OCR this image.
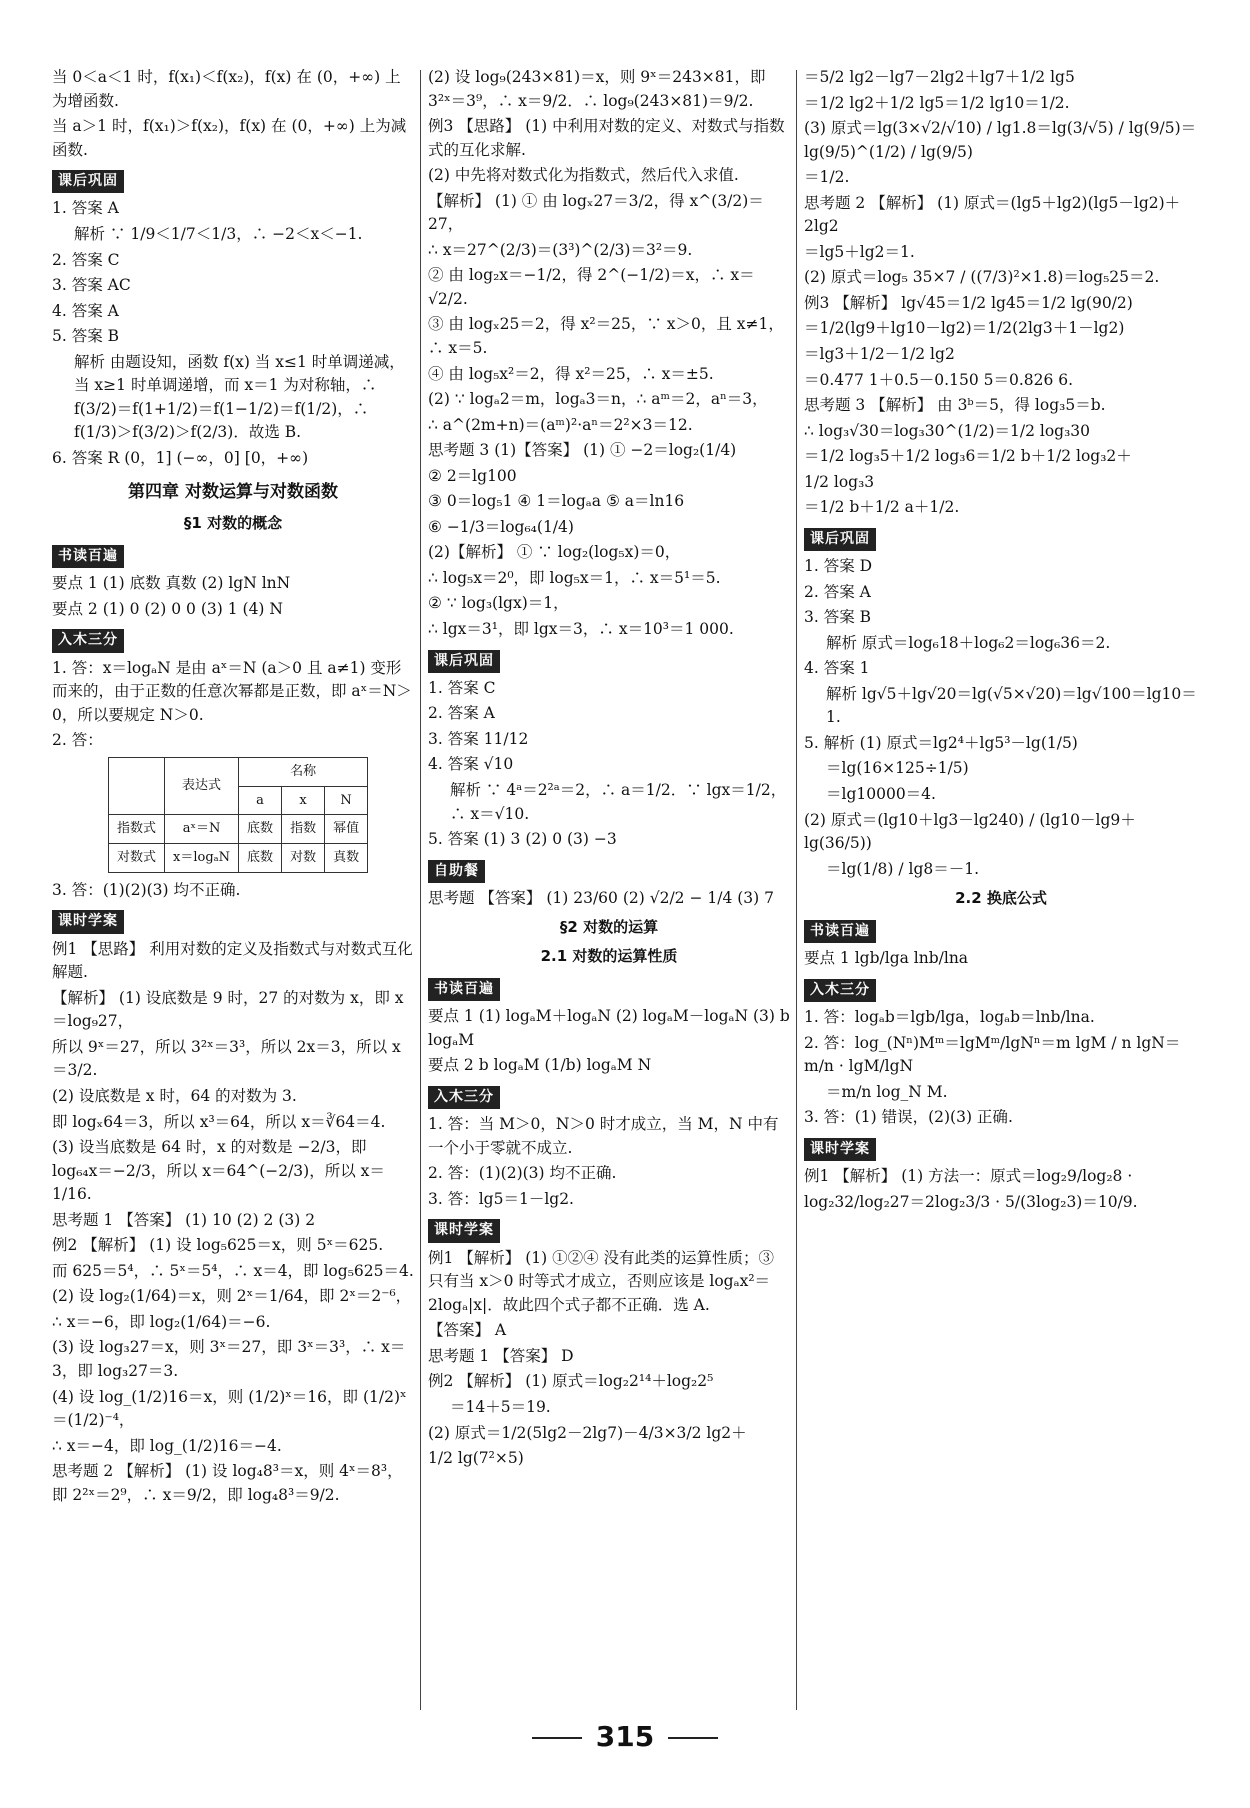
当 0＜a＜1 时，f(x₁)＜f(x₂)，f(x) 在 (0，+∞) 上为增函数.

当 a＞1 时，f(x₁)＞f(x₂)，f(x) 在 (0，+∞) 上为减函数.

课后巩固

1. 答案 A

解析 ∵ 1/9＜1/7＜1/3，∴ −2＜x＜−1.

2. 答案 C

3. 答案 AC

4. 答案 A

5. 答案 B

解析 由题设知，函数 f(x) 当 x≤1 时单调递减，当 x≥1 时单调递增，而 x＝1 为对称轴，∴ f(3/2)＝f(1+1/2)＝f(1−1/2)＝f(1/2)，∴ f(1/3)＞f(3/2)＞f(2/3)．故选 B.

6. 答案 R (0，1] (−∞，0] [0，+∞)

第四章 对数运算与对数函数
§1 对数的概念
书读百遍

要点 1 (1) 底数 真数 (2) lgN lnN

要点 2 (1) 0 (2) 0 0 (3) 1 (4) N

入木三分

1. 答：x＝logₐN 是由 aˣ＝N (a＞0 且 a≠1) 变形而来的，由于正数的任意次幂都是正数，即 aˣ＝N＞0，所以要规定 N＞0.

2. 答：

	表达式	名称		
		a	x	N
指数式	aˣ＝N	底数	指数	幂值
对数式	x＝logₐN	底数	对数	真数

3. 答：(1)(2)(3) 均不正确.

课时学案

例1 【思路】 利用对数的定义及指数式与对数式互化解题.

【解析】 (1) 设底数是 9 时，27 的对数为 x，即 x＝log₉27，

所以 9ˣ＝27，所以 3²ˣ＝3³，所以 2x＝3，所以 x＝3/2.

(2) 设底数是 x 时，64 的对数为 3.

即 logₓ64＝3，所以 x³＝64，所以 x＝∛64＝4.

(3) 设当底数是 64 时，x 的对数是 −2/3，即 log₆₄x＝−2/3，所以 x＝64^(−2/3)，所以 x＝1/16.

思考题 1 【答案】 (1) 10 (2) 2 (3) 2

例2 【解析】 (1) 设 log₅625＝x，则 5ˣ＝625.

而 625＝5⁴，∴ 5ˣ＝5⁴，∴ x＝4，即 log₅625＝4.

(2) 设 log₂(1/64)＝x，则 2ˣ＝1/64，即 2ˣ＝2⁻⁶，

∴ x＝−6，即 log₂(1/64)＝−6.

(3) 设 log₃27＝x，则 3ˣ＝27，即 3ˣ＝3³，∴ x＝3，即 log₃27＝3.

(4) 设 log_(1/2)16＝x，则 (1/2)ˣ＝16，即 (1/2)ˣ＝(1/2)⁻⁴，

∴ x＝−4，即 log_(1/2)16＝−4.

思考题 2 【解析】 (1) 设 log₄8³＝x，则 4ˣ＝8³，即 2²ˣ＝2⁹，∴ x＝9/2，即 log₄8³＝9/2.

(2) 设 log₉(243×81)＝x，则 9ˣ＝243×81，即 3²ˣ＝3⁹，∴ x＝9/2．∴ log₉(243×81)＝9/2.

例3 【思路】 (1) 中利用对数的定义、对数式与指数式的互化求解.

(2) 中先将对数式化为指数式，然后代入求值.

【解析】 (1) ① 由 logₓ27＝3/2，得 x^(3/2)＝27，

∴ x＝27^(2/3)＝(3³)^(2/3)＝3²＝9.

② 由 log₂x＝−1/2，得 2^(−1/2)＝x，∴ x＝√2/2.

③ 由 logₓ25＝2，得 x²＝25，∵ x＞0，且 x≠1，∴ x＝5.

④ 由 log₅x²＝2，得 x²＝25，∴ x＝±5.

(2) ∵ logₐ2＝m，logₐ3＝n，∴ aᵐ＝2，aⁿ＝3，

∴ a^(2m+n)＝(aᵐ)²·aⁿ＝2²×3＝12.

思考题 3 (1)【答案】 (1) ① −2＝log₂(1/4)

② 2＝lg100

③ 0＝log₅1 ④ 1＝logₐa ⑤ a＝ln16

⑥ −1/3＝log₆₄(1/4)

(2)【解析】 ① ∵ log₂(log₅x)＝0，

∴ log₅x＝2⁰，即 log₅x＝1，∴ x＝5¹＝5.

② ∵ log₃(lgx)＝1，

∴ lgx＝3¹，即 lgx＝3，∴ x＝10³＝1 000.

课后巩固

1. 答案 C

2. 答案 A

3. 答案 11/12

4. 答案 √10

解析 ∵ 4ᵃ＝2²ᵃ＝2，∴ a＝1/2．∵ lgx＝1/2，∴ x＝√10.

5. 答案 (1) 3 (2) 0 (3) −3

自助餐

思考题 【答案】 (1) 23/60 (2) √2/2 − 1/4 (3) 7

§2 对数的运算
2.1 对数的运算性质
书读百遍

要点 1 (1) logₐM＋logₐN (2) logₐM－logₐN (3) b logₐM

要点 2 b logₐM (1/b) logₐM N

入木三分

1. 答：当 M＞0，N＞0 时才成立，当 M，N 中有一个小于零就不成立.

2. 答：(1)(2)(3) 均不正确.

3. 答：lg5＝1－lg2.

课时学案

例1 【解析】 (1) ①②④ 没有此类的运算性质；③ 只有当 x＞0 时等式才成立，否则应该是 logₐx²＝2logₐ|x|．故此四个式子都不正确．选 A.

【答案】 A

思考题 1 【答案】 D

例2 【解析】 (1) 原式＝log₂2¹⁴＋log₂2⁵

＝14＋5＝19.

(2) 原式＝1/2(5lg2－2lg7)－4/3×3/2 lg2＋

1/2 lg(7²×5)

＝5/2 lg2－lg7－2lg2＋lg7＋1/2 lg5

＝1/2 lg2＋1/2 lg5＝1/2 lg10＝1/2.

(3) 原式＝lg(3×√2/√10) / lg1.8＝lg(3/√5) / lg(9/5)＝lg(9/5)^(1/2) / lg(9/5)

＝1/2.

思考题 2 【解析】 (1) 原式＝(lg5＋lg2)(lg5－lg2)＋2lg2

＝lg5＋lg2＝1.

(2) 原式＝log₅ 35×7 / ((7/3)²×1.8)＝log₅25＝2.

例3 【解析】 lg√45＝1/2 lg45＝1/2 lg(90/2)

＝1/2(lg9＋lg10－lg2)＝1/2(2lg3＋1－lg2)

＝lg3＋1/2－1/2 lg2

＝0.477 1＋0.5－0.150 5＝0.826 6.

思考题 3 【解析】 由 3ᵇ＝5，得 log₃5＝b.

∴ log₃√30＝log₃30^(1/2)＝1/2 log₃30

＝1/2 log₃5＋1/2 log₃6＝1/2 b＋1/2 log₃2＋

1/2 log₃3

＝1/2 b＋1/2 a＋1/2.

课后巩固

1. 答案 D

2. 答案 A

3. 答案 B

解析 原式＝log₆18＋log₆2＝log₆36＝2.

4. 答案 1

解析 lg√5＋lg√20＝lg(√5×√20)＝lg√100＝lg10＝1.

5. 解析 (1) 原式＝lg2⁴＋lg5³－lg(1/5)

＝lg(16×125÷1/5)

＝lg10000＝4.

(2) 原式＝(lg10＋lg3－lg240) / (lg10－lg9＋lg(36/5))

＝lg(1/8) / lg8＝－1.

2.2 换底公式
书读百遍

要点 1 lgb/lga lnb/lna

入木三分

1. 答：logₐb＝lgb/lga，logₐb＝lnb/lna.

2. 答：log_(Nⁿ)Mᵐ＝lgMᵐ/lgNⁿ＝m lgM / n lgN＝m/n · lgM/lgN

＝m/n log_N M.

3. 答：(1) 错误，(2)(3) 正确.

课时学案

例1 【解析】 (1) 方法一：原式＝log₂9/log₂8 ·

log₂32/log₂27＝2log₂3/3 · 5/(3log₂3)＝10/9.

315
